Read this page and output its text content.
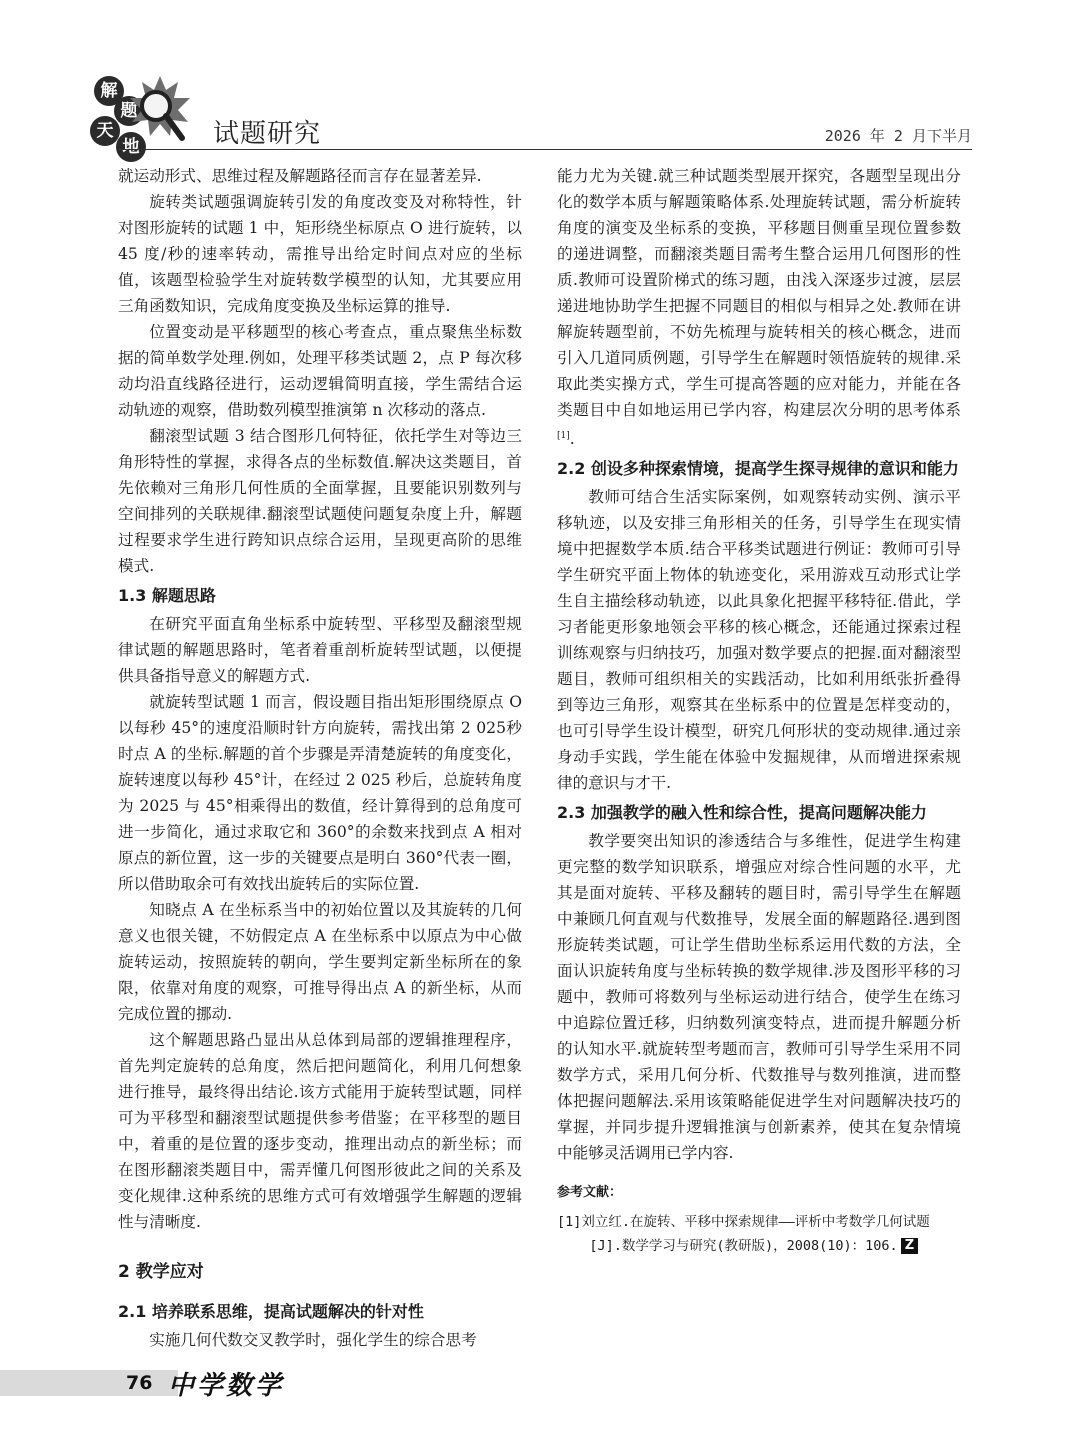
解
题
天
地	试题研究	2026 年 2 月下半月

就运动形式、思维过程及解题路径而言存在显著差异.

旋转类试题强调旋转引发的角度改变及对称特性，针对图形旋转的试题 1 中，矩形绕坐标原点 O 进行旋转，以 45 度/秒的速率转动，需推导出给定时间点对应的坐标值，该题型检验学生对旋转数学模型的认知，尤其要应用三角函数知识，完成角度变换及坐标运算的推导.

位置变动是平移题型的核心考查点，重点聚焦坐标数据的简单数学处理.例如，处理平移类试题 2，点 P 每次移动均沿直线路径进行，运动逻辑简明直接，学生需结合运动轨迹的观察，借助数列模型推演第 n 次移动的落点.

翻滚型试题 3 结合图形几何特征，依托学生对等边三角形特性的掌握，求得各点的坐标数值.解决这类题目，首先依赖对三角形几何性质的全面掌握，且要能识别数列与空间排列的关联规律.翻滚型试题使问题复杂度上升，解题过程要求学生进行跨知识点综合运用，呈现更高阶的思维模式.

1.3 解题思路

在研究平面直角坐标系中旋转型、平移型及翻滚型规律试题的解题思路时，笔者着重剖析旋转型试题，以便提供具备指导意义的解题方式.

就旋转型试题 1 而言，假设题目指出矩形围绕原点 O 以每秒 45°的速度沿顺时针方向旋转，需找出第 2 025秒时点 A 的坐标.解题的首个步骤是弄清楚旋转的角度变化，旋转速度以每秒 45°计，在经过 2 025 秒后，总旋转角度为 2025 与 45°相乘得出的数值，经计算得到的总角度可进一步简化，通过求取它和 360°的余数来找到点 A 相对原点的新位置，这一步的关键要点是明白 360°代表一圈，所以借助取余可有效找出旋转后的实际位置.

知晓点 A 在坐标系当中的初始位置以及其旋转的几何意义也很关键，不妨假定点 A 在坐标系中以原点为中心做旋转运动，按照旋转的朝向，学生要判定新坐标所在的象限，依靠对角度的观察，可推导得出点 A 的新坐标，从而完成位置的挪动.

这个解题思路凸显出从总体到局部的逻辑推理程序，首先判定旋转的总角度，然后把问题简化，利用几何想象进行推导，最终得出结论.该方式能用于旋转型试题，同样可为平移型和翻滚型试题提供参考借鉴；在平移型的题目中，着重的是位置的逐步变动，推理出动点的新坐标；而在图形翻滚类题目中，需弄懂几何图形彼此之间的关系及变化规律.这种系统的思维方式可有效增强学生解题的逻辑性与清晰度.

2 教学应对
2.1 培养联系思维，提高试题解决的针对性

实施几何代数交叉教学时，强化学生的综合思考

能力尤为关键.就三种试题类型展开探究，各题型呈现出分化的数学本质与解题策略体系.处理旋转试题，需分析旋转角度的演变及坐标系的变换，平移题目侧重呈现位置参数的递进调整，而翻滚类题目需考生整合运用几何图形的性质.教师可设置阶梯式的练习题，由浅入深逐步过渡，层层递进地协助学生把握不同题目的相似与相异之处.教师在讲解旋转题型前，不妨先梳理与旋转相关的核心概念，进而引入几道同质例题，引导学生在解题时领悟旋转的规律.采取此类实操方式，学生可提高答题的应对能力，并能在各类题目中自如地运用已学内容，构建层次分明的思考体系[1].

2.2 创设多种探索情境，提高学生探寻规律的意识和能力

教师可结合生活实际案例，如观察转动实例、演示平移轨迹，以及安排三角形相关的任务，引导学生在现实情境中把握数学本质.结合平移类试题进行例证：教师可引导学生研究平面上物体的轨迹变化，采用游戏互动形式让学生自主描绘移动轨迹，以此具象化把握平移特征.借此，学习者能更形象地领会平移的核心概念，还能通过探索过程训练观察与归纳技巧，加强对数学要点的把握.面对翻滚型题目，教师可组织相关的实践活动，比如利用纸张折叠得到等边三角形，观察其在坐标系中的位置是怎样变动的，也可引导学生设计模型，研究几何形状的变动规律.通过亲身动手实践，学生能在体验中发掘规律，从而增进探索规律的意识与才干.

2.3 加强教学的融入性和综合性，提高问题解决能力

教学要突出知识的渗透结合与多维性，促进学生构建更完整的数学知识联系，增强应对综合性问题的水平，尤其是面对旋转、平移及翻转的题目时，需引导学生在解题中兼顾几何直观与代数推导，发展全面的解题路径.遇到图形旋转类试题，可让学生借助坐标系运用代数的方法，全面认识旋转角度与坐标转换的数学规律.涉及图形平移的习题中，教师可将数列与坐标运动进行结合，使学生在练习中追踪位置迁移，归纳数列演变特点，进而提升解题分析的认知水平.就旋转型考题而言，教师可引导学生采用不同数学方式，采用几何分析、代数推导与数列推演，进而整体把握问题解法.采用该策略能促进学生对问题解决技巧的掌握，并同步提升逻辑推演与创新素养，使其在复杂情境中能够灵活调用已学内容.

参考文献：
[1]刘立红.在旋转、平移中探索规律——评析中考数学几何试题[J].数学学习与研究(教研版)，2008(10)：106. Z
76 中学数学
